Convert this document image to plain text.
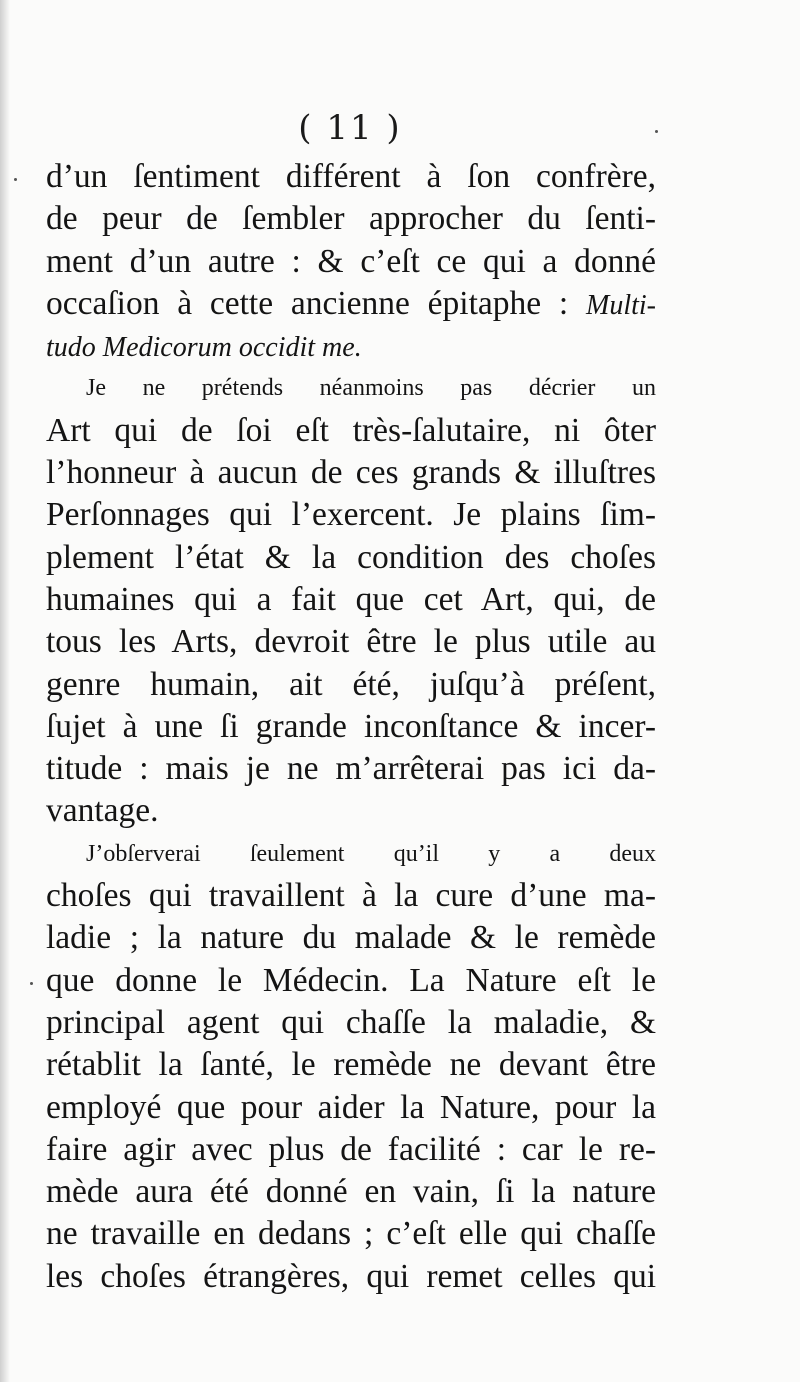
( 11 )
d’un ſentiment différent à ſon confrère,
de peur de ſembler approcher du ſenti-
ment d’un autre : & c’eſt ce qui a donné
occaſion à cette ancienne épitaphe : Multi-
tudo Medicorum occidit me.
Je ne prétends néanmoins pas décrier un
Art qui de ſoi eſt très-ſalutaire, ni ôter
l’honneur à aucun de ces grands & illuſtres
Perſonnages qui l’exercent. Je plains ſim-
plement l’état & la condition des choſes
humaines qui a fait que cet Art, qui, de
tous les Arts, devroit être le plus utile au
genre humain, ait été, juſqu’à préſent,
ſujet à une ſi grande inconſtance & incer-
titude : mais je ne m’arrêterai pas ici da-
vantage.
J’obſerverai ſeulement qu’il y a deux
choſes qui travaillent à la cure d’une ma-
ladie ; la nature du malade & le remède
que donne le Médecin. La Nature eſt le
principal agent qui chaſſe la maladie, &
rétablit la ſanté, le remède ne devant être
employé que pour aider la Nature, pour la
faire agir avec plus de facilité : car le re-
mède aura été donné en vain, ſi la nature
ne travaille en dedans ; c’eſt elle qui chaſſe
les choſes étrangères, qui remet celles qui
